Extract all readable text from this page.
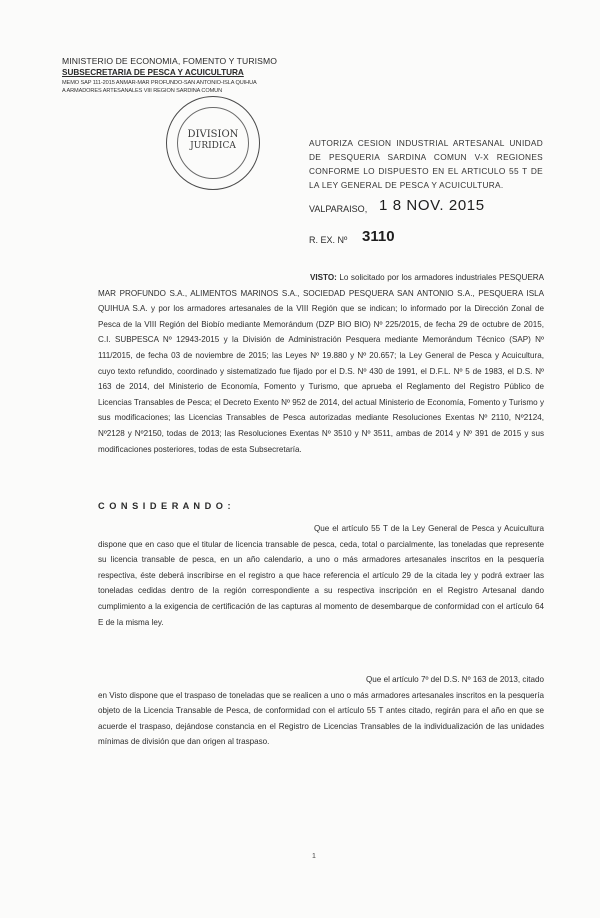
MINISTERIO DE ECONOMIA, FOMENTO Y TURISMO
SUBSECRETARIA DE PESCA Y ACUICULTURA
MEMO SAP 111-2015 ANMAR-MAR PROFUNDO-SAN ANTONIO-ISLA QUIHUA
A ARMADORES ARTESANALES VIII REGION SARDINA COMUN
DIVISION
JURIDICA	AUTORIZA CESION INDUSTRIAL ARTESANAL UNIDAD DE PESQUERIA SARDINA COMUN V-X REGIONES CONFORME LO DISPUESTO EN EL ARTICULO 55 T DE LA LEY GENERAL DE PESCA Y ACUICULTURA.
VALPARAISO, 1 8 NOV. 2015
R. EX. Nº 3110
VISTO: Lo solicitado por los armadores industriales PESQUERA MAR PROFUNDO S.A., ALIMENTOS MARINOS S.A., SOCIEDAD PESQUERA SAN ANTONIO S.A., PESQUERA ISLA QUIHUA S.A. y por los armadores artesanales de la VIII Región que se indican; lo informado por la Dirección Zonal de Pesca de la VIII Región del Biobío mediante Memorándum (DZP BIO BIO) Nº 225/2015, de fecha 29 de octubre de 2015, C.I. SUBPESCA Nº 12943-2015 y la División de Administración Pesquera mediante Memorándum Técnico (SAP) Nº 111/2015, de fecha 03 de noviembre de 2015; las Leyes Nº 19.880 y Nº 20.657; la Ley General de Pesca y Acuicultura, cuyo texto refundido, coordinado y sistematizado fue fijado por el D.S. Nº 430 de 1991, el D.F.L. Nº 5 de 1983, el D.S. Nº 163 de 2014, del Ministerio de Economía, Fomento y Turismo, que aprueba el Reglamento del Registro Público de Licencias Transables de Pesca; el Decreto Exento Nº 952 de 2014, del actual Ministerio de Economía, Fomento y Turismo y sus modificaciones; las Licencias Transables de Pesca autorizadas mediante Resoluciones Exentas Nº 2110, Nº2124, Nº2128 y Nº2150, todas de 2013; las Resoluciones Exentas Nº 3510 y Nº 3511, ambas de 2014 y Nº 391 de 2015 y sus modificaciones posteriores, todas de esta Subsecretaría.
C O N S I D E R A N D O :
Que el artículo 55 T de la Ley General de Pesca y Acuicultura dispone que en caso que el titular de licencia transable de pesca, ceda, total o parcialmente, las toneladas que represente su licencia transable de pesca, en un año calendario, a uno o más armadores artesanales inscritos en la pesquería respectiva, éste deberá inscribirse en el registro a que hace referencia el artículo 29 de la citada ley y podrá extraer las toneladas cedidas dentro de la región correspondiente a su respectiva inscripción en el Registro Artesanal dando cumplimiento a la exigencia de certificación de las capturas al momento de desembarque de conformidad con el artículo 64 E de la misma ley.
Que el artículo 7º del D.S. Nº 163 de 2013, citado en Visto dispone que el traspaso de toneladas que se realicen a uno o más armadores artesanales inscritos en la pesquería objeto de la Licencia Transable de Pesca, de conformidad con el artículo 55 T antes citado, regirán para el año en que se acuerde el traspaso, dejándose constancia en el Registro de Licencias Transables de la individualización de las unidades mínimas de división que dan origen al traspaso.
1
